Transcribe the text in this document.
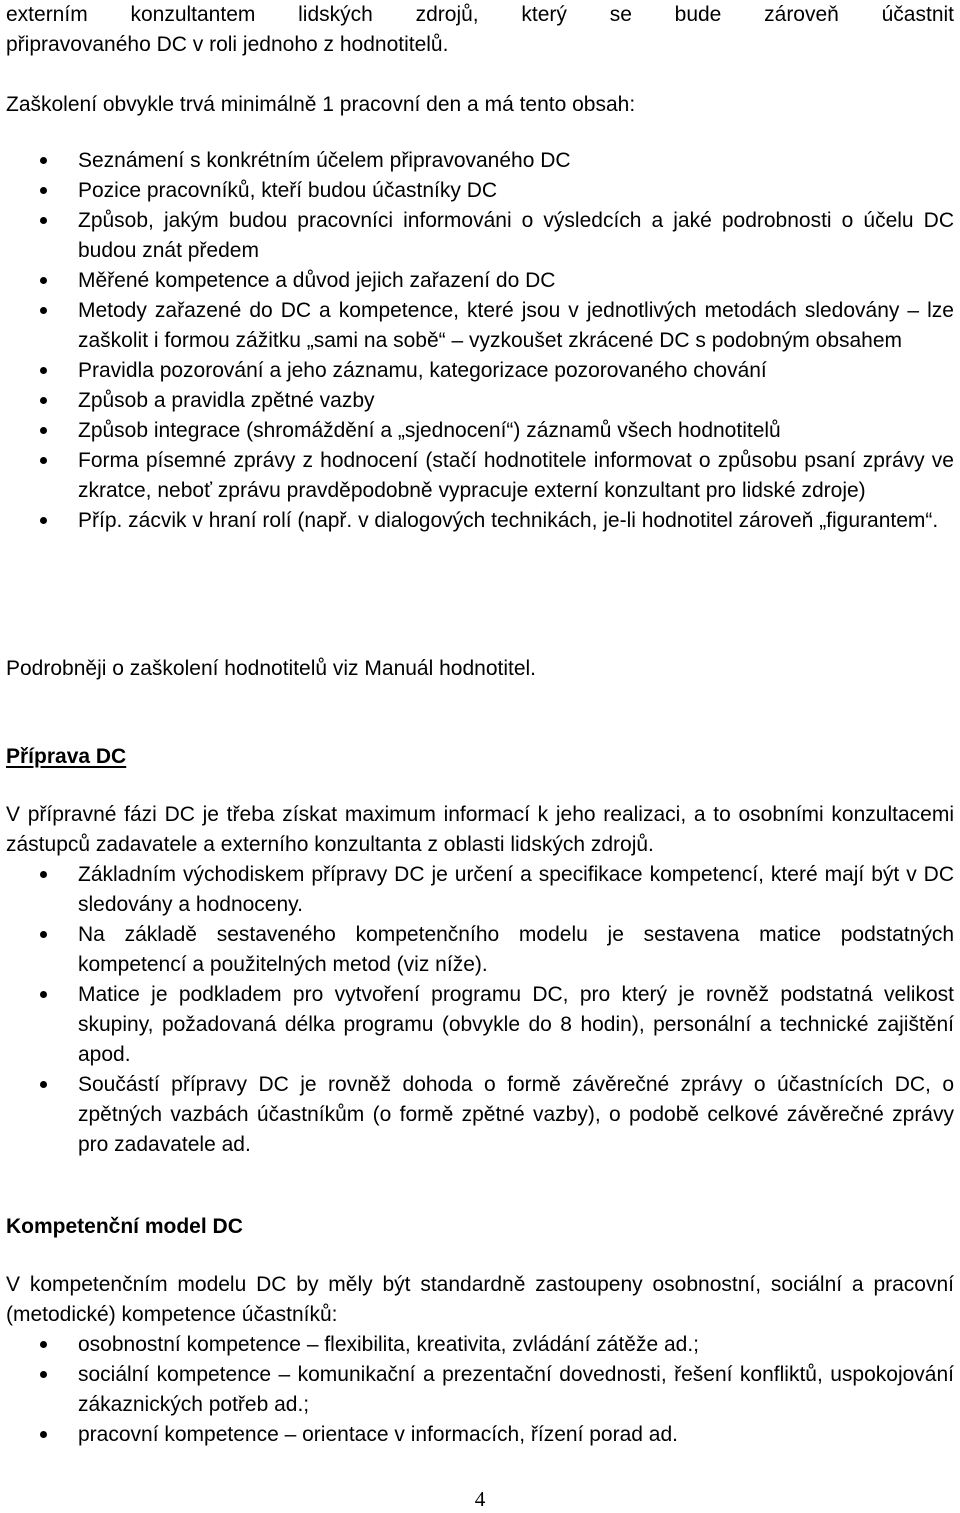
externím konzultantem lidských zdrojů, který se bude zároveň účastnit

připravovaného DC v roli jednoho z hodnotitelů.

Zaškolení obvykle trvá minimálně 1 pracovní den a má tento obsah:

Seznámení s konkrétním účelem připravovaného DC
Pozice pracovníků, kteří budou účastníky DC
Způsob, jakým budou pracovníci informováni o výsledcích a jaké podrobnosti o účelu DC budou znát předem
Měřené kompetence a důvod jejich zařazení do DC
Metody zařazené do DC a kompetence, které jsou v jednotlivých metodách sledovány – lze zaškolit i formou zážitku „sami na sobě“ – vyzkoušet zkrácené DC s podobným obsahem
Pravidla pozorování a jeho záznamu, kategorizace pozorovaného chování
Způsob a pravidla zpětné vazby
Způsob integrace (shromáždění a „sjednocení“) záznamů všech hodnotitelů
Forma písemné zprávy z hodnocení (stačí hodnotitele informovat o způsobu psaní zprávy ve zkratce, neboť zprávu pravděpodobně vypracuje externí konzultant pro lidské zdroje)
Příp. zácvik v hraní rolí (např. v dialogových technikách, je-li hodnotitel zároveň „figurantem“.

Podrobněji o zaškolení hodnotitelů viz Manuál hodnotitel.

Příprava DC

V přípravné fázi DC je třeba získat maximum informací k jeho realizaci, a to osobními konzultacemi zástupců zadavatele a externího konzultanta z oblasti lidských zdrojů.

Základním východiskem přípravy DC je určení a specifikace kompetencí, které mají být v DC sledovány a hodnoceny.
Na základě sestaveného kompetenčního modelu je sestavena matice podstatných kompetencí a použitelných metod (viz níže).
Matice je podkladem pro vytvoření programu DC, pro který je rovněž podstatná velikost skupiny, požadovaná délka programu (obvykle do 8 hodin), personální a technické zajištění apod.
Součástí přípravy DC je rovněž dohoda o formě závěrečné zprávy o účastnících DC, o zpětných vazbách účastníkům (o formě zpětné vazby), o podobě celkové závěrečné zprávy pro zadavatele ad.

Kompetenční model DC

V kompetenčním modelu DC by měly být standardně zastoupeny osobnostní, sociální a pracovní (metodické) kompetence účastníků:

osobnostní kompetence – flexibilita, kreativita, zvládání zátěže ad.;
sociální kompetence – komunikační a prezentační dovednosti, řešení konfliktů, uspokojování zákaznických potřeb ad.;
pracovní kompetence – orientace v informacích, řízení porad ad.
4
